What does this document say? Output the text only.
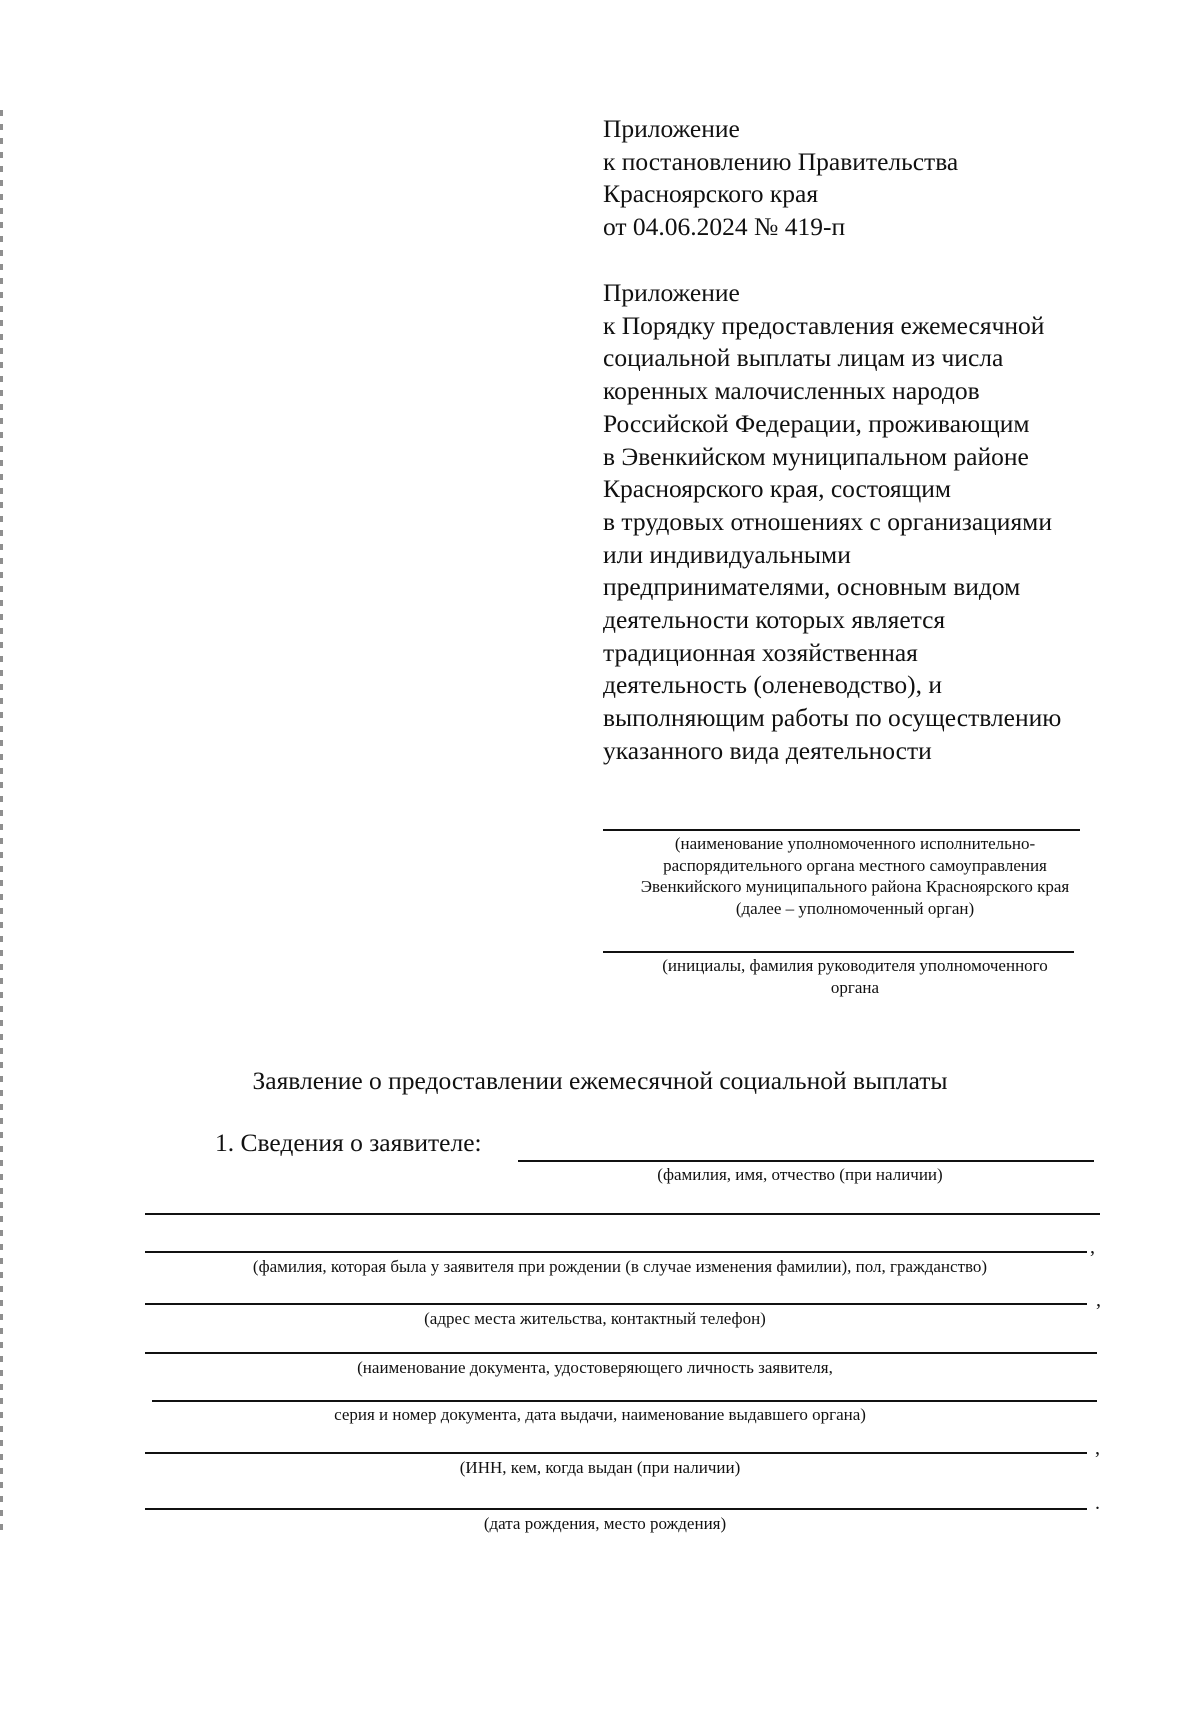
Приложение
к постановлению Правительства
Красноярского края
от 04.06.2024 № 419-п
Приложение
к Порядку предоставления ежемесячной
социальной выплаты лицам из числа
коренных малочисленных народов
Российской Федерации, проживающим
в Эвенкийском муниципальном районе
Красноярского края, состоящим
в трудовых отношениях с организациями
или индивидуальными
предпринимателями, основным видом
деятельности которых является
традиционная хозяйственная
деятельность (оленеводство), и
выполняющим работы по осуществлению
указанного вида деятельности
(наименование уполномоченного исполнительно-
распорядительного органа местного самоуправления
Эвенкийского муниципального района Красноярского края
(далее – уполномоченный орган)
(инициалы, фамилия руководителя уполномоченного
органа
Заявление о предоставлении ежемесячной социальной выплаты
1. Сведения о заявителе:
(фамилия, имя, отчество (при наличии)
,
(фамилия, которая была у заявителя при рождении (в случае изменения фамилии), пол, гражданство)
,
(адрес места жительства, контактный телефон)
(наименование документа, удостоверяющего личность заявителя,
серия и номер документа, дата выдачи, наименование выдавшего органа)
,
(ИНН, кем, когда выдан (при наличии)
.
(дата рождения, место рождения)
